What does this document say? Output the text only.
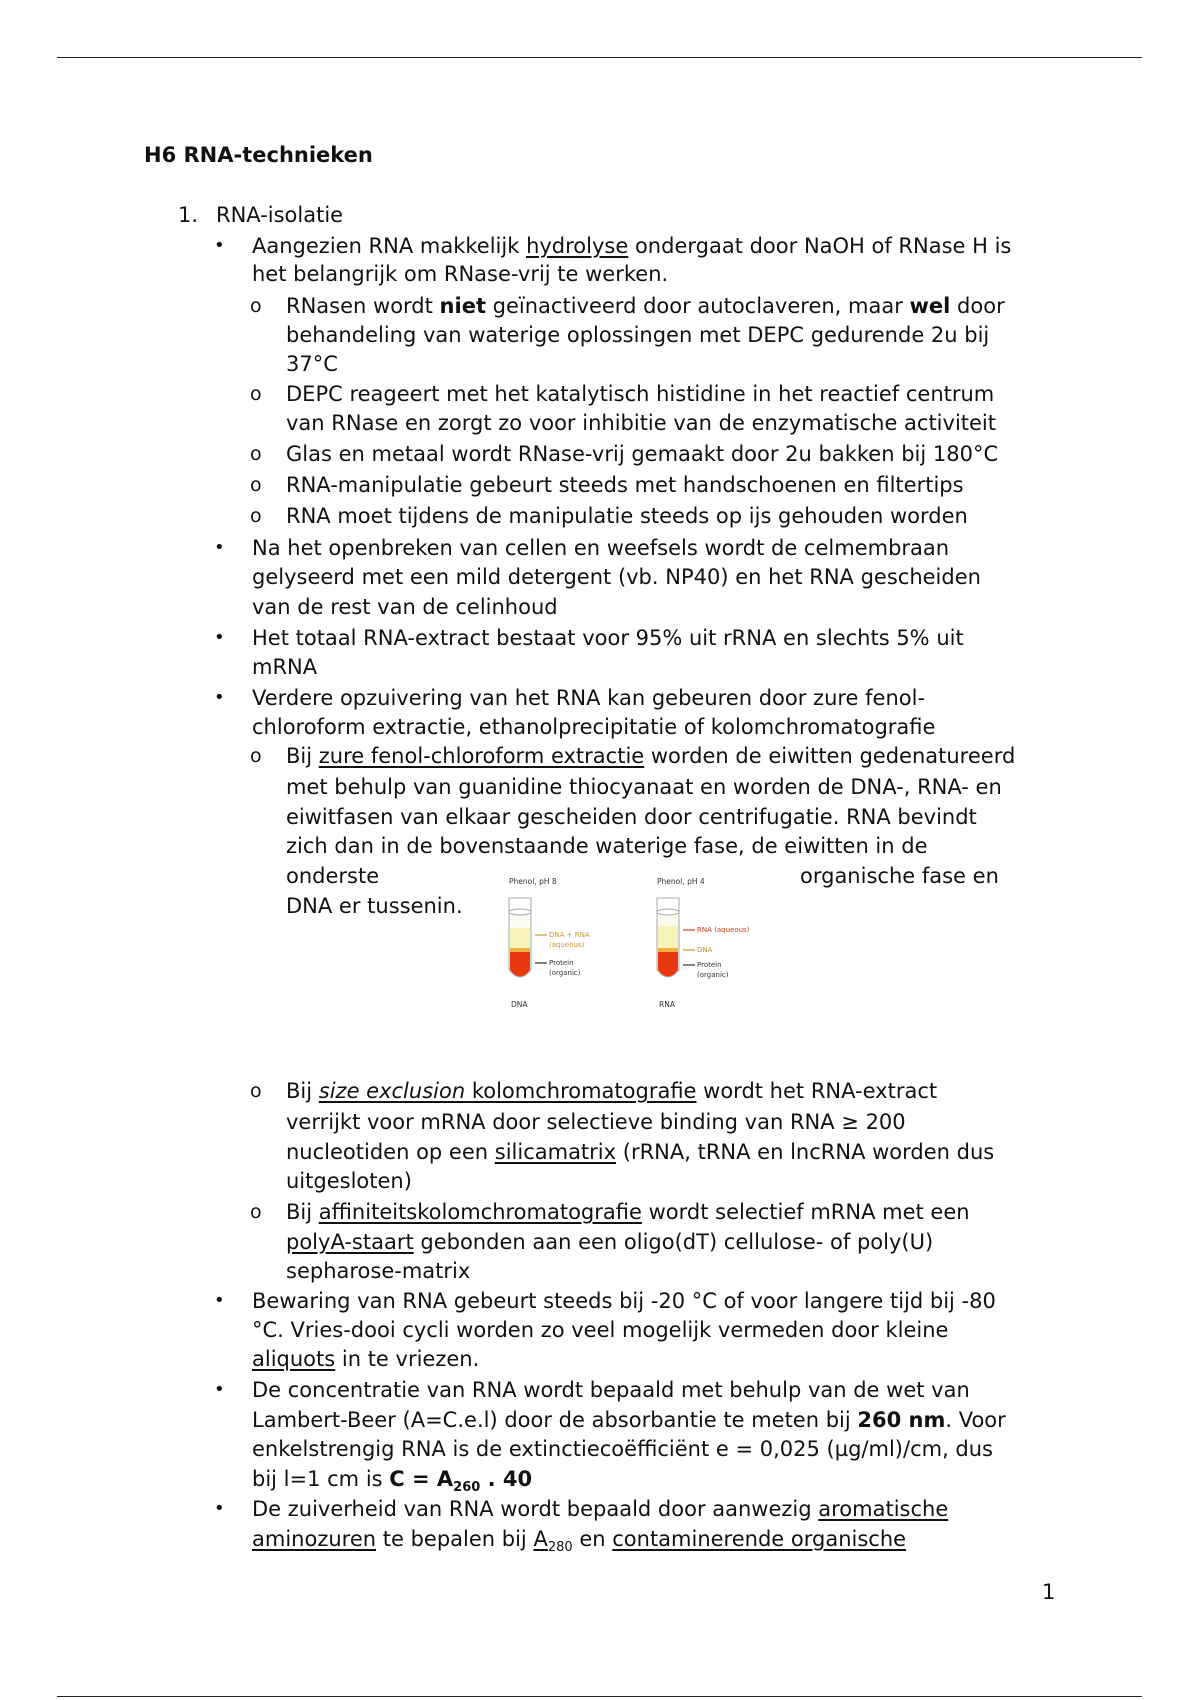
H6 RNA-technieken
1. RNA-isolatie
• Aangezien RNA makkelijk hydrolyse ondergaat door NaOH of RNase H is
het belangrijk om RNase-vrij te werken.
o RNasen wordt niet geïnactiveerd door autoclaveren, maar wel door
behandeling van waterige oplossingen met DEPC gedurende 2u bij
37°C
o DEPC reageert met het katalytisch histidine in het reactief centrum
van RNase en zorgt zo voor inhibitie van de enzymatische activiteit
o Glas en metaal wordt RNase-vrij gemaakt door 2u bakken bij 180°C
o RNA-manipulatie gebeurt steeds met handschoenen en filtertips
o RNA moet tijdens de manipulatie steeds op ijs gehouden worden
• Na het openbreken van cellen en weefsels wordt de celmembraan
gelyseerd met een mild detergent (vb. NP40) en het RNA gescheiden
van de rest van de celinhoud
• Het totaal RNA-extract bestaat voor 95% uit rRNA en slechts 5% uit
mRNA
• Verdere opzuivering van het RNA kan gebeuren door zure fenol-
chloroform extractie, ethanolprecipitatie of kolomchromatografie
o Bij zure fenol-chloroform extractie worden de eiwitten gedenatureerd
met behulp van guanidine thiocyanaat en worden de DNA-, RNA- en
eiwitfasen van elkaar gescheiden door centrifugatie. RNA bevindt
zich dan in de bovenstaande waterige fase, de eiwitten in de
onderste	organische fase en
DNA er tussenin.
Phenol, pH 8
DNA + RNA
(aqueous)
Protein
(organic)
DNA
Phenol, pH 4
RNA (aqueous)
DNA
Protein
(organic)
RNA
o Bij size exclusion kolomchromatografie wordt het RNA-extract
verrijkt voor mRNA door selectieve binding van RNA ≥ 200
nucleotiden op een silicamatrix (rRNA, tRNA en lncRNA worden dus
uitgesloten)
o Bij affiniteitskolomchromatografie wordt selectief mRNA met een
polyA-staart gebonden aan een oligo(dT) cellulose- of poly(U)
sepharose-matrix
• Bewaring van RNA gebeurt steeds bij -20 °C of voor langere tijd bij -80
°C. Vries-dooi cycli worden zo veel mogelijk vermeden door kleine
aliquots in te vriezen.
• De concentratie van RNA wordt bepaald met behulp van de wet van
Lambert-Beer (A=C.e.l) door de absorbantie te meten bij 260 nm. Voor
enkelstrengig RNA is de extinctiecoëfficiënt e = 0,025 (µg/ml)/cm, dus
bij l=1 cm is $C = A_{260}$ . 40
• De zuiverheid van RNA wordt bepaald door aanwezig aromatische
aminozuren te bepalen bij $A_{280}$ en contaminerende organische
1
